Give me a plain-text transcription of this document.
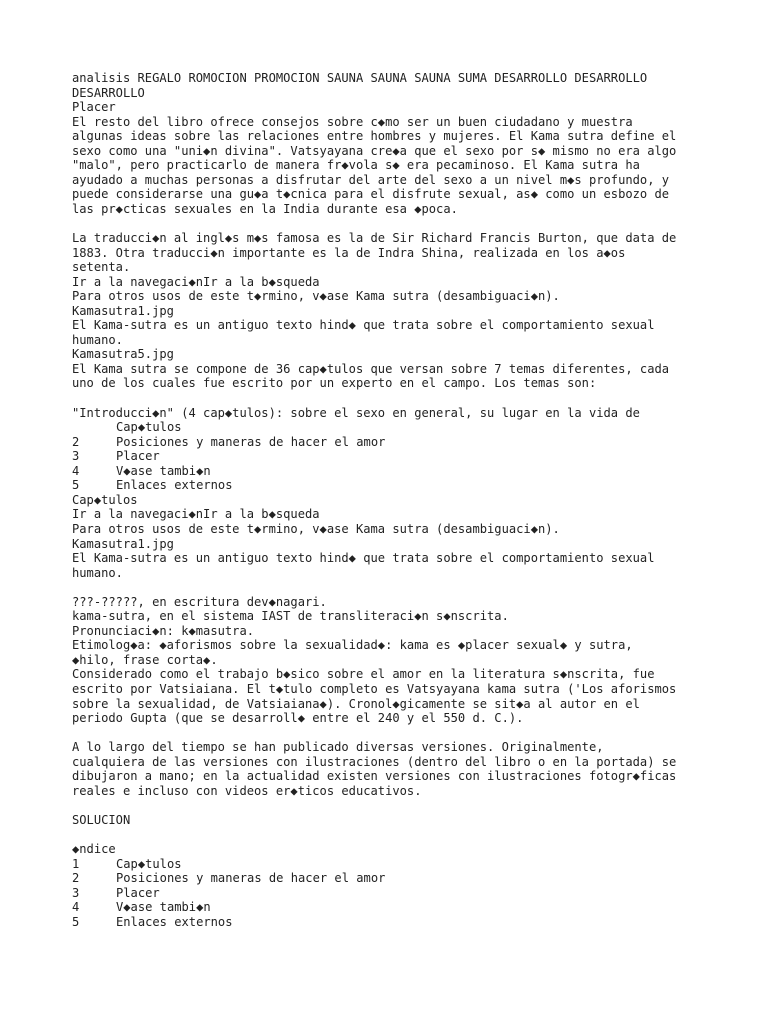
analisis REGALO ROMOCION PROMOCION SAUNA SAUNA SAUNA SUMA DESARROLLO DESARROLLO
DESARROLLO
Placer
El resto del libro ofrece consejos sobre c◆mo ser un buen ciudadano y muestra
algunas ideas sobre las relaciones entre hombres y mujeres. El Kama sutra define el
sexo como una "uni◆n divina". Vatsyayana cre◆a que el sexo por s◆ mismo no era algo
"malo", pero practicarlo de manera fr◆vola s◆ era pecaminoso. El Kama sutra ha
ayudado a muchas personas a disfrutar del arte del sexo a un nivel m◆s profundo, y
puede considerarse una gu◆a t◆cnica para el disfrute sexual, as◆ como un esbozo de
las pr◆cticas sexuales en la India durante esa ◆poca.
La traducci◆n al ingl◆s m◆s famosa es la de Sir Richard Francis Burton, que data de
1883. Otra traducci◆n importante es la de Indra Shina, realizada en los a◆os
setenta.
Ir a la navegaci◆nIr a la b◆squeda
Para otros usos de este t◆rmino, v◆ase Kama sutra (desambiguaci◆n).
Kamasutra1.jpg
El Kama-sutra es un antiguo texto hind◆ que trata sobre el comportamiento sexual
humano.
Kamasutra5.jpg
El Kama sutra se compone de 36 cap◆tulos que versan sobre 7 temas diferentes, cada
uno de los cuales fue escrito por un experto en el campo. Los temas son:
"Introducci◆n" (4 cap◆tulos): sobre el sexo en general, su lugar en la vida de
Cap◆tulos
2	Posiciones y maneras de hacer el amor
3	Placer
4	V◆ase tambi◆n
5	Enlaces externos
Cap◆tulos
Ir a la navegaci◆nIr a la b◆squeda
Para otros usos de este t◆rmino, v◆ase Kama sutra (desambiguaci◆n).
Kamasutra1.jpg
El Kama-sutra es un antiguo texto hind◆ que trata sobre el comportamiento sexual
humano.
???-?????, en escritura dev◆nagari.
kama-sutra, en el sistema IAST de transliteraci◆n s◆nscrita.
Pronunciaci◆n: k◆masutra.
Etimolog◆a: ◆aforismos sobre la sexualidad◆: kama es ◆placer sexual◆ y sutra,
◆hilo, frase corta◆.
Considerado como el trabajo b◆sico sobre el amor en la literatura s◆nscrita, fue
escrito por Vatsiaiana. El t◆tulo completo es Vatsyayana kama sutra ('Los aforismos
sobre la sexualidad, de Vatsiaiana◆). Cronol◆gicamente se sit◆a al autor en el
periodo Gupta (que se desarroll◆ entre el 240 y el 550 d. C.).
A lo largo del tiempo se han publicado diversas versiones. Originalmente,
cualquiera de las versiones con ilustraciones (dentro del libro o en la portada) se
dibujaron a mano; en la actualidad existen versiones con ilustraciones fotogr◆ficas
reales e incluso con videos er◆ticos educativos.
SOLUCION
◆ndice
1	Cap◆tulos
2	Posiciones y maneras de hacer el amor
3	Placer
4	V◆ase tambi◆n
5	Enlaces externos
